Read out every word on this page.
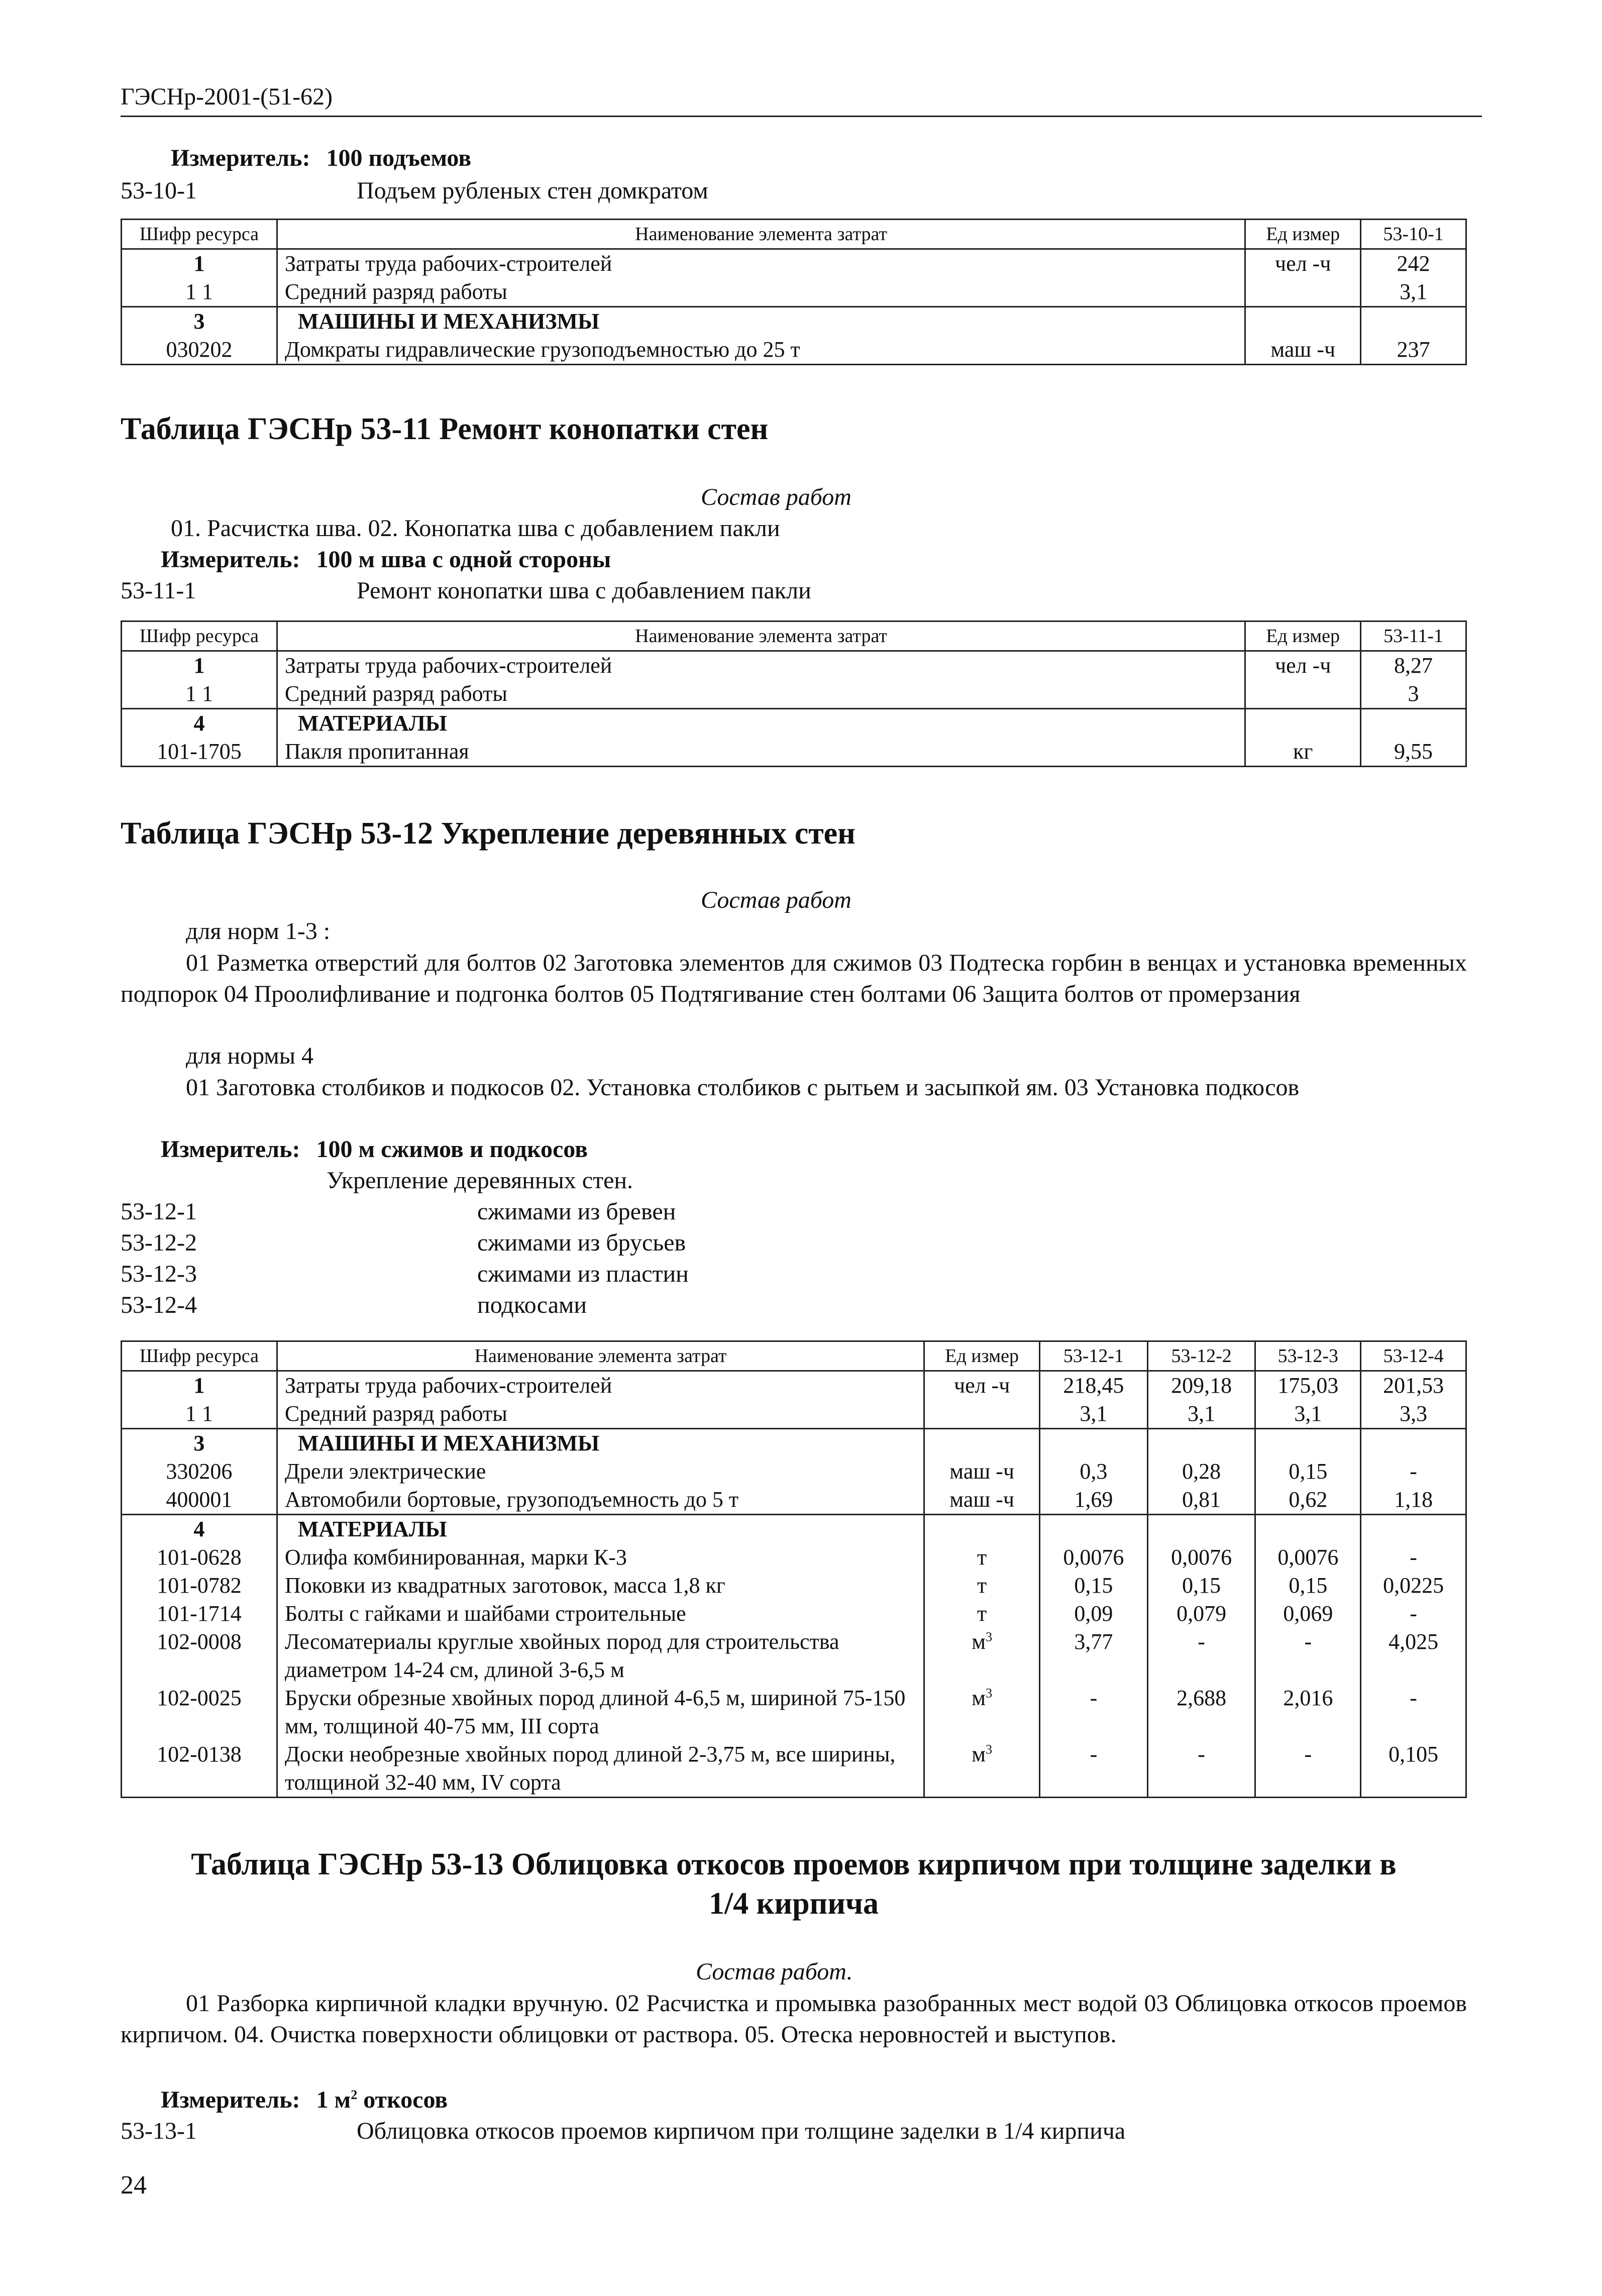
ГЭСНр-2001-(51-62)
Измеритель: 100 подъемов
53-10-1	Подъем рубленых стен домкратом
Шифр ресурса	Наименование элемента затрат	Ед измер	53-10-1
1	Затраты труда рабочих-строителей	чел -ч	242
1 1	Средний разряд работы		3,1
3	МАШИНЫ И МЕХАНИЗМЫ		
030202	Домкраты гидравлические грузоподъемностью до 25 т	маш -ч	237
Таблица ГЭСНр 53-11 Ремонт конопатки стен
Состав работ
01. Расчистка шва. 02. Конопатка шва с добавлением пакли
Измеритель: 100 м шва с одной стороны
53-11-1	Ремонт конопатки шва с добавлением пакли
Шифр ресурса	Наименование элемента затрат	Ед измер	53-11-1
1	Затраты труда рабочих-строителей	чел -ч	8,27
1 1	Средний разряд работы		3
4	МАТЕРИАЛЫ		
101-1705	Пакля пропитанная	кг	9,55
Таблица ГЭСНр 53-12 Укрепление деревянных стен
Состав работ
для норм 1-3 :
01 Разметка отверстий для болтов 02 Заготовка элементов для сжимов 03 Подтеска горбин в венцах и установка временных подпорок 04 Проолифливание и подгонка болтов 05 Подтягивание стен болтами 06 Защита болтов от промерзания
для нормы 4
01 Заготовка столбиков и подкосов 02. Установка столбиков с рытьем и засыпкой ям. 03 Установка подкосов
Измеритель: 100 м сжимов и подкосов
Укрепление деревянных стен.
53-12-1	сжимами из бревен
53-12-2	сжимами из брусьев
53-12-3	сжимами из пластин
53-12-4	подкосами
Шифр ресурса	Наименование элемента затрат	Ед измер	53-12-1	53-12-2	53-12-3	53-12-4
1	Затраты труда рабочих-строителей	чел -ч	218,45	209,18	175,03	201,53
1 1	Средний разряд работы		3,1	3,1	3,1	3,3
3	МАШИНЫ И МЕХАНИЗМЫ					
330206	Дрели электрические	маш -ч	0,3	0,28	0,15	-
400001	Автомобили бортовые, грузоподъемность до 5 т	маш -ч	1,69	0,81	0,62	1,18
4	МАТЕРИАЛЫ					
101-0628	Олифа комбинированная, марки К-3	т	0,0076	0,0076	0,0076	-
101-0782	Поковки из квадратных заготовок, масса 1,8 кг	т	0,15	0,15	0,15	0,0225
101-1714	Болты с гайками и шайбами строительные	т	0,09	0,079	0,069	-
102-0008	Лесоматериалы круглые хвойных пород для строительства диаметром 14-24 см, длиной 3-6,5 м	$м^3$	3,77	-	-	4,025
102-0025	Бруски обрезные хвойных пород длиной 4-6,5 м, шириной 75-150 мм, толщиной 40-75 мм, III сорта	$м^3$	-	2,688	2,016	-
102-0138	Доски необрезные хвойных пород длиной 2-3,75 м, все ширины, толщиной 32-40 мм, IV сорта	$м^3$	-	-	-	0,105
Таблица ГЭСНр 53-13 Облицовка откосов проемов кирпичом при толщине заделки в
1/4 кирпича
Состав работ.
01 Разборка кирпичной кладки вручную. 02 Расчистка и промывка разобранных мест водой 03 Облицовка откосов проемов кирпичом. 04. Очистка поверхности облицовки от раствора. 05. Отеска неровностей и выступов.
Измеритель: 1 $м^2$ откосов
53-13-1	Облицовка откосов проемов кирпичом при толщине заделки в 1/4 кирпича
24
